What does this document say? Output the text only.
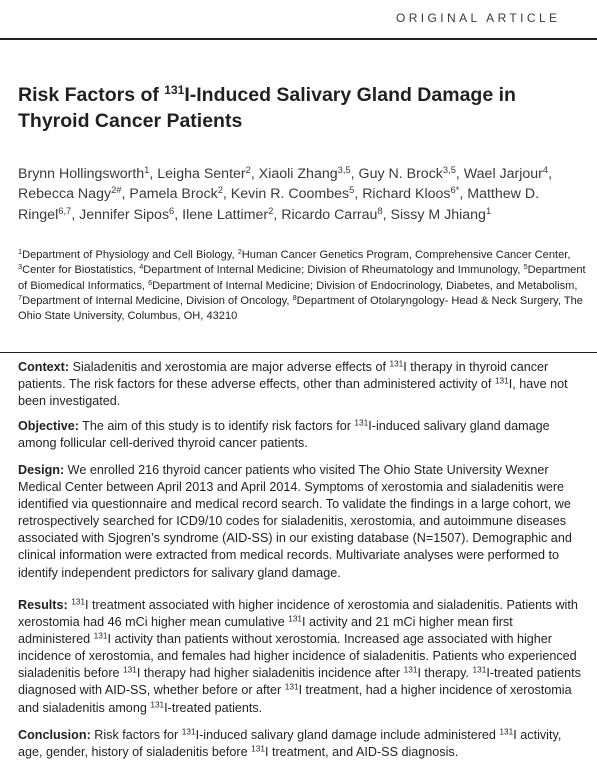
ORIGINAL ARTICLE
Risk Factors of $^{131}$I-Induced Salivary Gland Damage in Thyroid Cancer Patients
Brynn Hollingsworth$^1$, Leigha Senter$^2$, Xiaoli Zhang$^{3,5}$, Guy N. Brock$^{3,5}$, Wael Jarjour$^4$, Rebecca Nagy$^{2\#}$, Pamela Brock$^2$, Kevin R. Coombes$^5$, Richard Kloos$^{6*}$, Matthew D. Ringel$^{6,7}$, Jennifer Sipos$^6$, Ilene Lattimer$^2$, Ricardo Carrau$^8$, Sissy M Jhiang$^1$
$^1$Department of Physiology and Cell Biology, $^2$Human Cancer Genetics Program, Comprehensive Cancer Center, $^3$Center for Biostatistics, $^4$Department of Internal Medicine; Division of Rheumatology and Immunology, $^5$Department of Biomedical Informatics, $^6$Department of Internal Medicine; Division of Endocrinology, Diabetes, and Metabolism, $^7$Department of Internal Medicine, Division of Oncology, $^8$Department of Otolaryngology- Head & Neck Surgery, The Ohio State University, Columbus, OH, 43210

Context: Sialadenitis and xerostomia are major adverse effects of $^{131}$I therapy in thyroid cancer patients. The risk factors for these adverse effects, other than administered activity of $^{131}$I, have not been investigated.

Objective: The aim of this study is to identify risk factors for $^{131}$I-induced salivary gland damage among follicular cell-derived thyroid cancer patients.

Design: We enrolled 216 thyroid cancer patients who visited The Ohio State University Wexner Medical Center between April 2013 and April 2014. Symptoms of xerostomia and sialadenitis were identified via questionnaire and medical record search. To validate the findings in a large cohort, we retrospectively searched for ICD9/10 codes for sialadenitis, xerostomia, and autoimmune diseases associated with Sjogren’s syndrome (AID-SS) in our existing database (N=1507). Demographic and clinical information were extracted from medical records. Multivariate analyses were performed to identify independent predictors for salivary gland damage.

Results: $^{131}$I treatment associated with higher incidence of xerostomia and sialadenitis. Patients with xerostomia had 46 mCi higher mean cumulative $^{131}$I activity and 21 mCi higher mean first administered $^{131}$I activity than patients without xerostomia. Increased age associated with higher incidence of xerostomia, and females had higher incidence of sialadenitis. Patients who experienced sialadenitis before $^{131}$I therapy had higher sialadenitis incidence after $^{131}$I therapy. $^{131}$I-treated patients diagnosed with AID-SS, whether before or after $^{131}$I treatment, had a higher incidence of xerostomia and sialadenitis among $^{131}$I-treated patients.

Conclusion: Risk factors for $^{131}$I-induced salivary gland damage include administered $^{131}$I activity, age, gender, history of sialadenitis before $^{131}$I treatment, and AID-SS diagnosis.
